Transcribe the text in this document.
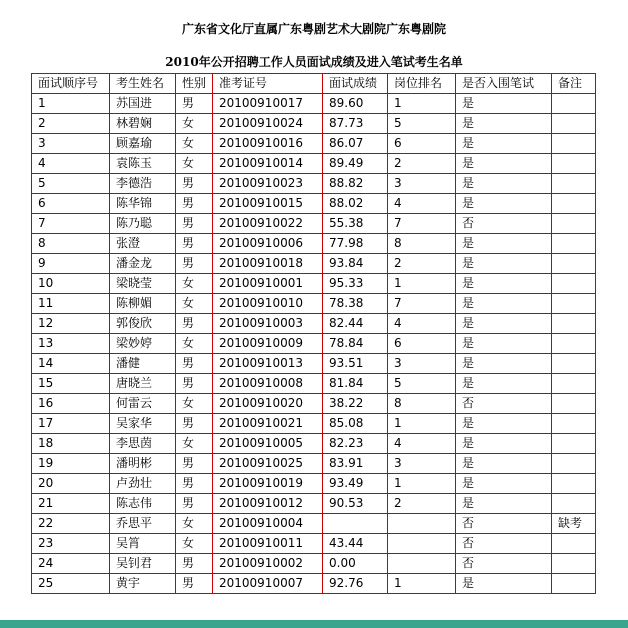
广东省文化厅直属广东粤剧艺术大剧院广东粤剧院
2010年公开招聘工作人员面试成绩及进入笔试考生名单
面试顺序号	考生姓名	性别	准考证号	面试成绩	岗位排名	是否入围笔试	备注
1	苏国进	男	20100910017	89.60	1	是	
2	林碧娴	女	20100910024	87.73	5	是	
3	顾嘉瑜	女	20100910016	86.07	6	是	
4	袁陈玉	女	20100910014	89.49	2	是	
5	李德浩	男	20100910023	88.82	3	是	
6	陈华锦	男	20100910015	88.02	4	是	
7	陈乃聪	男	20100910022	55.38	7	否	
8	张澄	男	20100910006	77.98	8	是	
9	潘金龙	男	20100910018	93.84	2	是	
10	梁晓莹	女	20100910001	95.33	1	是	
11	陈柳媚	女	20100910010	78.38	7	是	
12	郭俊欣	男	20100910003	82.44	4	是	
13	梁妙婷	女	20100910009	78.84	6	是	
14	潘健	男	20100910013	93.51	3	是	
15	唐晓兰	男	20100910008	81.84	5	是	
16	何雷云	女	20100910020	38.22	8	否	
17	吴家华	男	20100910021	85.08	1	是	
18	李思茵	女	20100910005	82.23	4	是	
19	潘明彬	男	20100910025	83.91	3	是	
20	卢劲壮	男	20100910019	93.49	1	是	
21	陈志伟	男	20100910012	90.53	2	是	
22	乔思平	女	20100910004			否	缺考
23	吴筲	女	20100910011	43.44		否	
24	吴钊君	男	20100910002	0.00		否	
25	黄宇	男	20100910007	92.76	1	是	
